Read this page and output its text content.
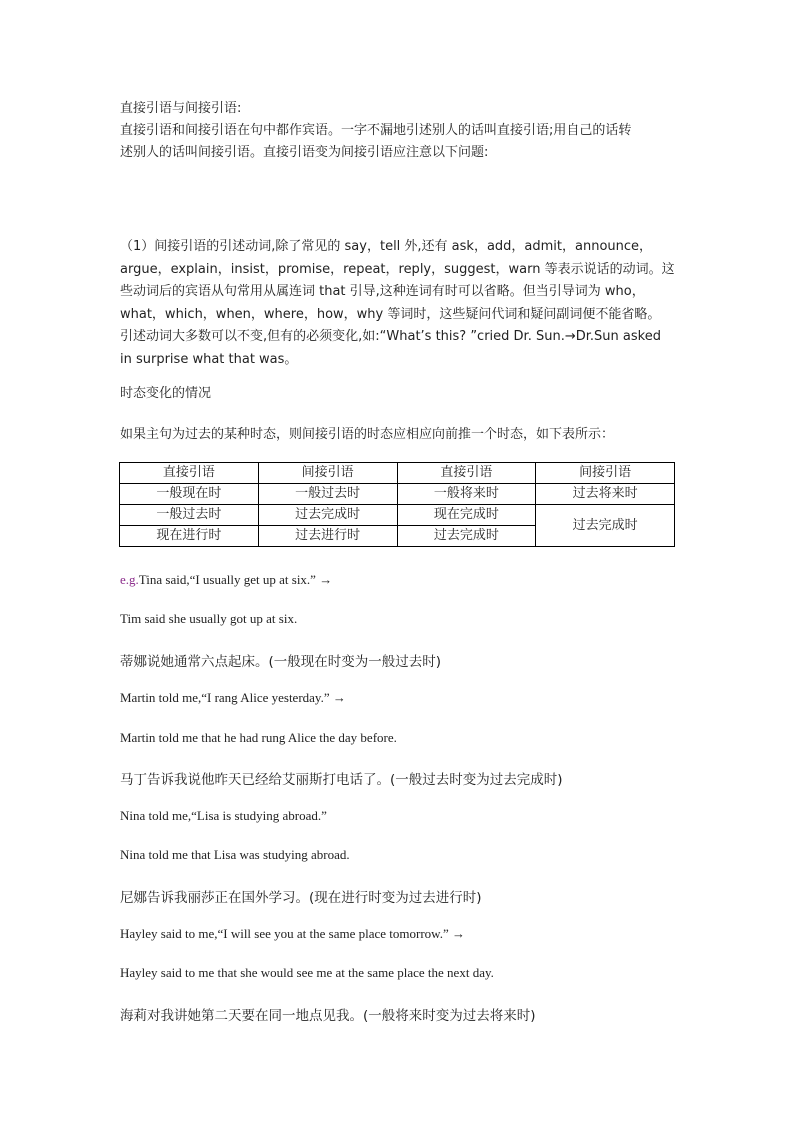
直接引语与间接引语:
直接引语和间接引语在句中都作宾语。一字不漏地引述别人的话叫直接引语;用自己的话转
述别人的话叫间接引语。直接引语变为间接引语应注意以下问题:
（1）间接引语的引述动词,除了常见的 say，tell 外,还有 ask，add，admit，announce，
argue，explain，insist，promise，repeat，reply，suggest，warn 等表示说话的动词。这
些动词后的宾语从句常用从属连词 that 引导,这种连词有时可以省略。但当引导词为 who，
what，which，when，where，how，why 等词时，这些疑问代词和疑问副词便不能省略。
引述动词大多数可以不变,但有的必须变化,如:“What’s this? ”cried Dr. Sun.→Dr.Sun asked
in surprise what that was。
时态变化的情况
如果主句为过去的某种时态，则间接引语的时态应相应向前推一个时态，如下表所示：
直接引语	间接引语	直接引语	间接引语
一般现在时	一般过去时	一般将来时	过去将来时
一般过去时	过去完成时	现在完成时	过去完成时
现在进行时	过去进行时	过去完成时	
e.g.Tina said,“I usually get up at six.” →
Tim said she usually got up at six.
蒂娜说她通常六点起床。(一般现在时变为一般过去时)
Martin told me,“I rang Alice yesterday.” →
Martin told me that he had rung Alice the day before.
马丁告诉我说他昨天已经给艾丽斯打电话了。(一般过去时变为过去完成时)
Nina told me,“Lisa is studying abroad.”
Nina told me that Lisa was studying abroad.
尼娜告诉我丽莎正在国外学习。(现在进行时变为过去进行时)
Hayley said to me,“I will see you at the same place tomorrow.” →
Hayley said to me that she would see me at the same place the next day.
海莉对我讲她第二天要在同一地点见我。(一般将来时变为过去将来时)
